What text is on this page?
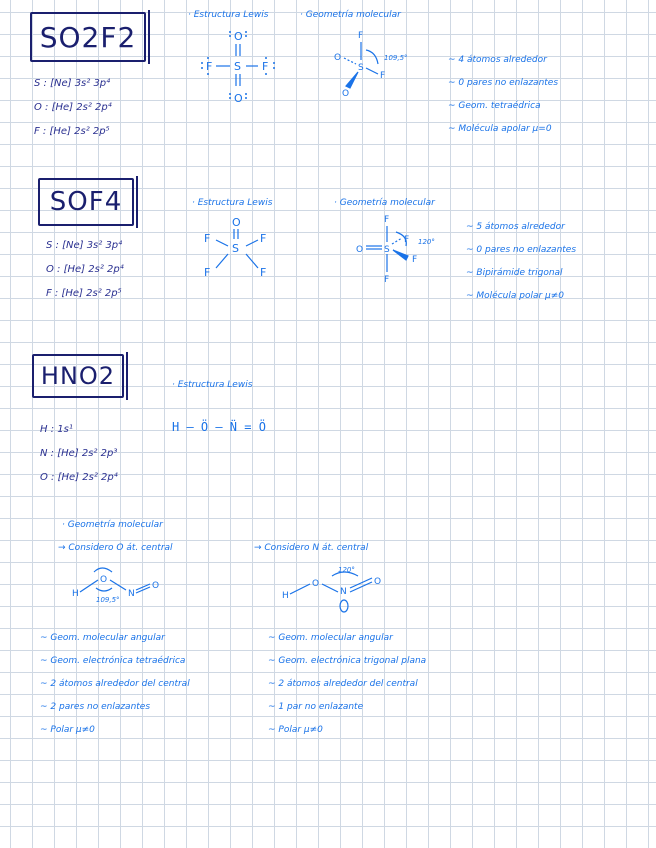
SO2F2
S : [Ne] 3s² 3p⁴
O : [He] 2s² 2p⁴
F : [He] 2s² 2p⁵
· Estructura Lewis	· Geometría molecular
O
S
O
F	F
F
S
O
F
O
109,5°	~ 4 átomos alrededor
~ 0 pares no enlazantes
~ Geom. tetraédrica
~ Molécula apolar μ=0
SOF4
S : [Ne] 3s² 3p⁴
O : [He] 2s² 2p⁴
F : [He] 2s² 2p⁵
· Estructura Lewis	· Geometría molecular
O
S
F	F
F	F
F
O S
F
F
F
120°
~ 5 átomos alrededor
~ 0 pares no enlazantes
~ Bipirámide trigonal
~ Molécula polar μ≠0
HNO2
H : 1s¹
N : [He] 2s² 2p³
O : [He] 2s² 2p⁴
· Estructura Lewis
H — Ö — N̈ = Ö
· Geometría molecular
→ Considero O át. central
H
O
N
O
109,5°
~ Geom. molecular angular
~ Geom. electrónica tetraédrica
~ 2 átomos alrededor del central
~ 2 pares no enlazantes
~ Polar μ≠0
→ Considero N át. central
H
O
N
O
120°
~ Geom. molecular angular
~ Geom. electrónica trigonal plana
~ 2 átomos alrededor del central
~ 1 par no enlazante
~ Polar μ≠0
